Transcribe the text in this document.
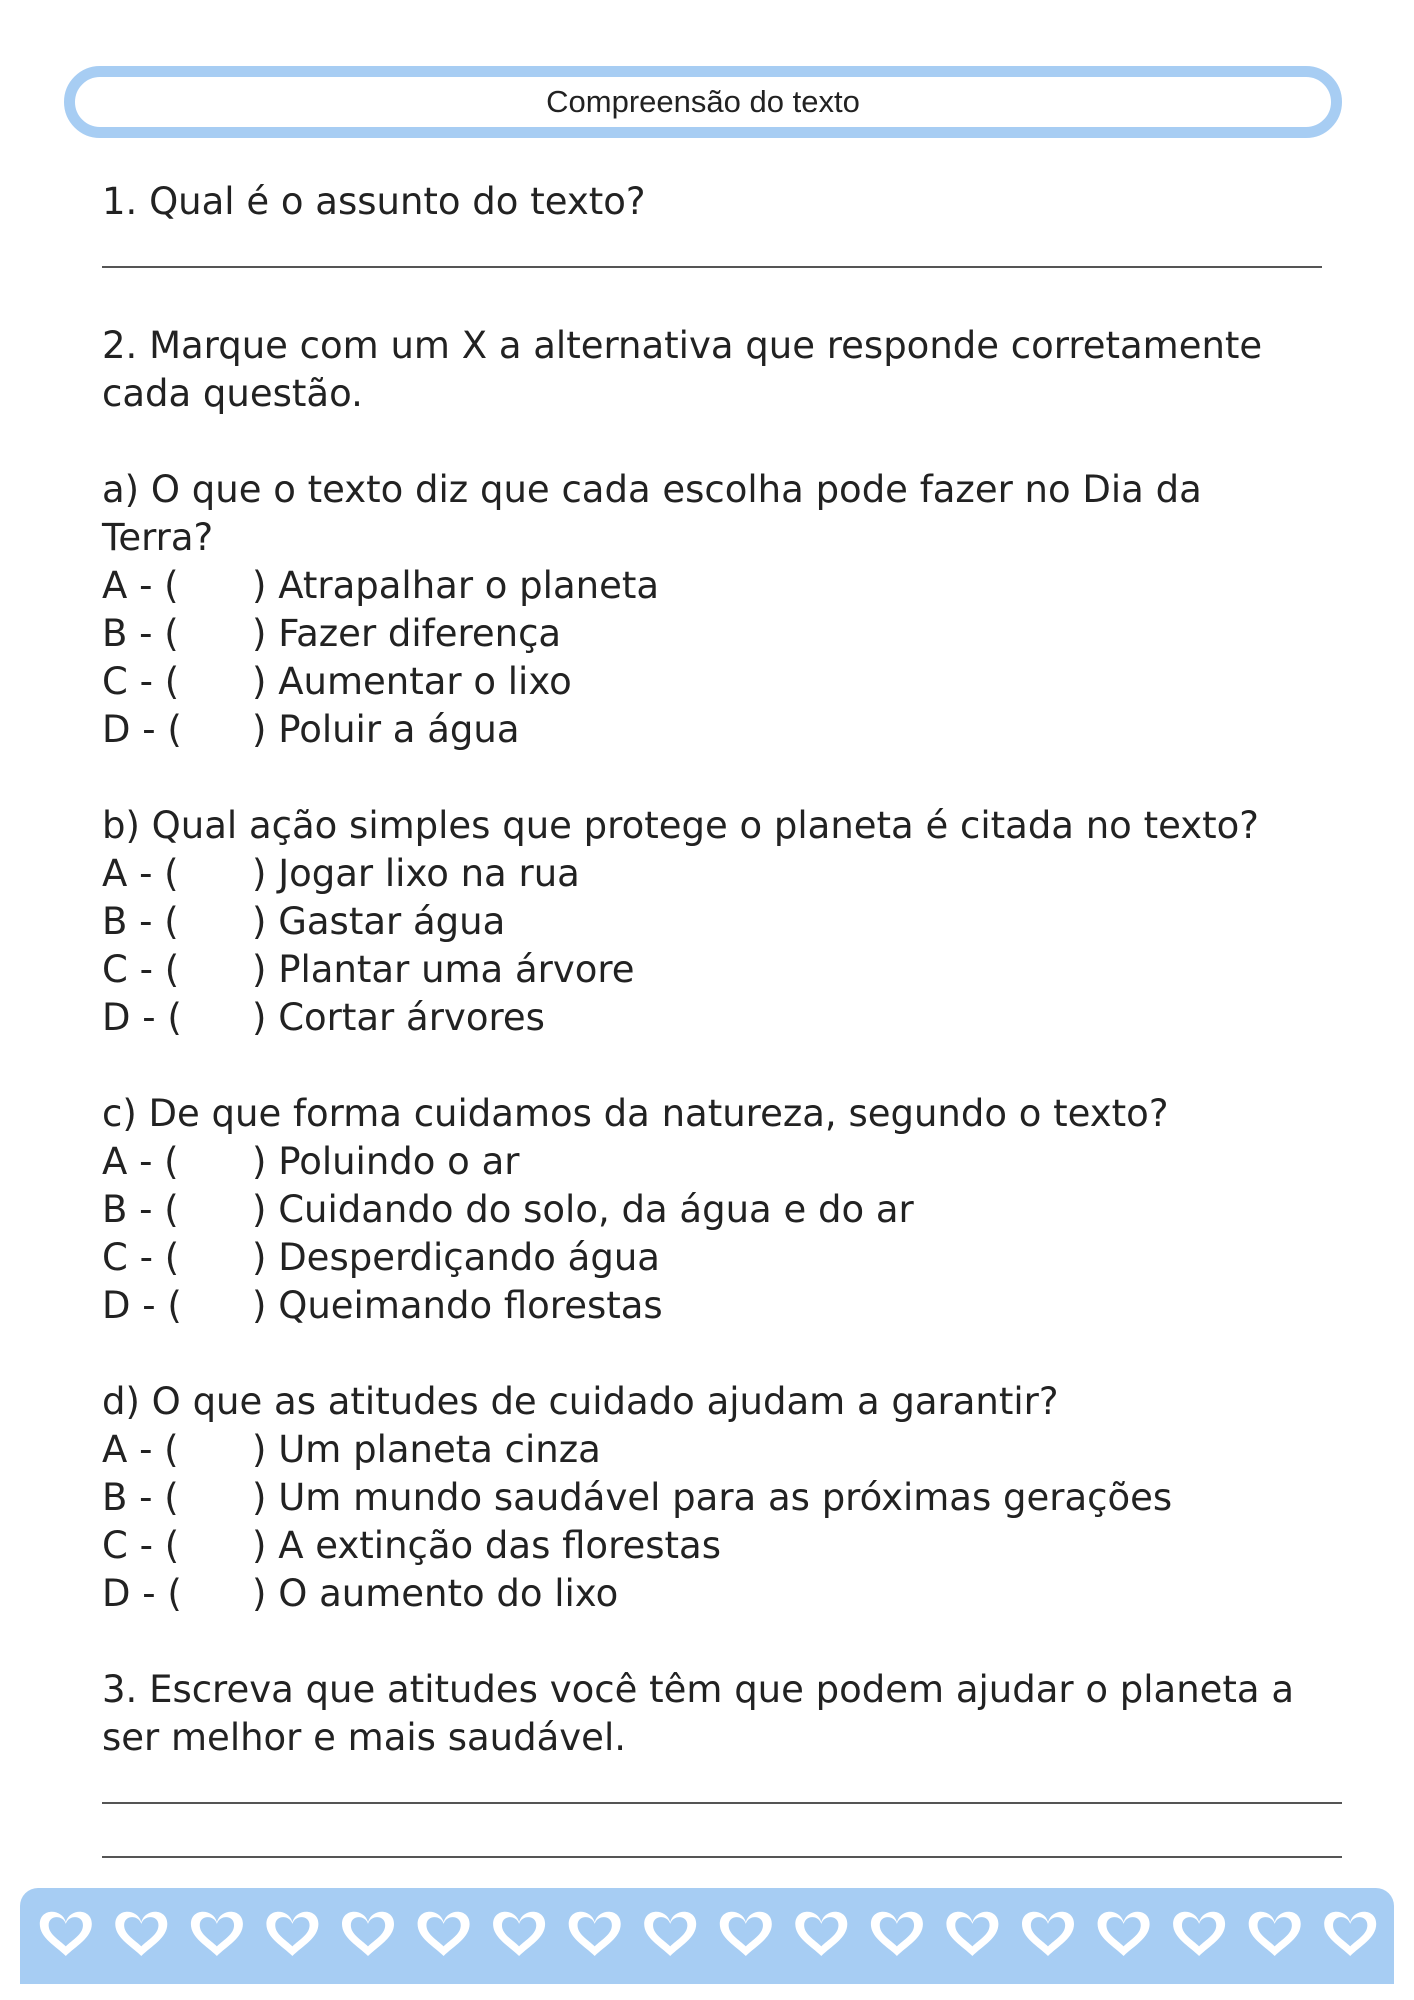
Compreensão do texto
1. Qual é o assunto do texto?
2. Marque com um X a alternativa que responde corretamente
cada questão.
a) O que o texto diz que cada escolha pode fazer no Dia da
Terra?
A - ( ) Atrapalhar o planeta
B - ( ) Fazer diferença
C - ( ) Aumentar o lixo
D - ( ) Poluir a água
b) Qual ação simples que protege o planeta é citada no texto?
A - ( ) Jogar lixo na rua
B - ( ) Gastar água
C - ( ) Plantar uma árvore
D - ( ) Cortar árvores
c) De que forma cuidamos da natureza, segundo o texto?
A - ( ) Poluindo o ar
B - ( ) Cuidando do solo, da água e do ar
C - ( ) Desperdiçando água
D - ( ) Queimando florestas
d) O que as atitudes de cuidado ajudam a garantir?
A - ( ) Um planeta cinza
B - ( ) Um mundo saudável para as próximas gerações
C - ( ) A extinção das florestas
D - ( ) O aumento do lixo
3. Escreva que atitudes você têm que podem ajudar o planeta a
ser melhor e mais saudável.
